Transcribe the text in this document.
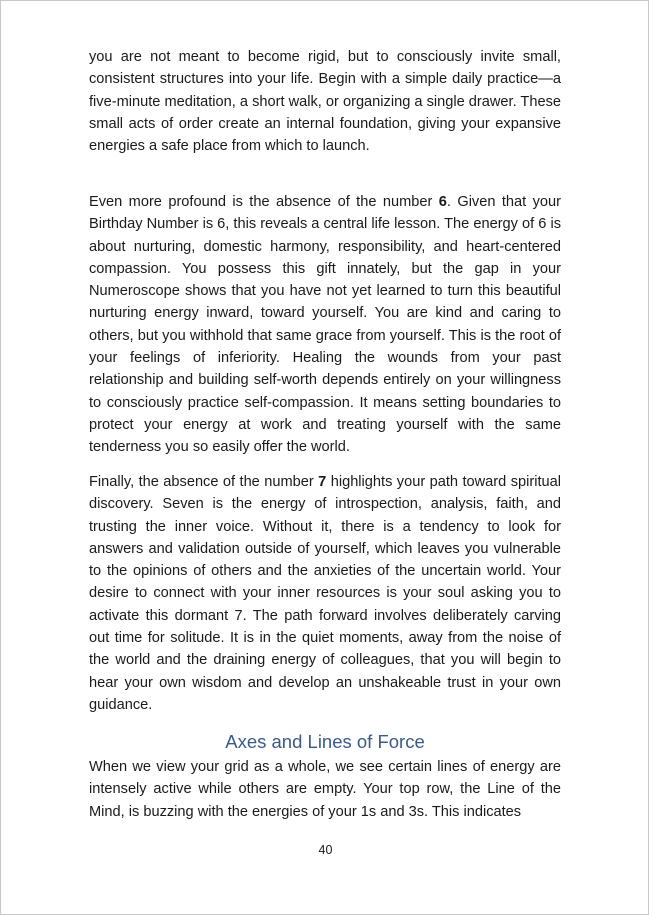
you are not meant to become rigid, but to consciously invite small, consistent structures into your life. Begin with a simple daily practice—a five-minute meditation, a short walk, or organizing a single drawer. These small acts of order create an internal foundation, giving your expansive energies a safe place from which to launch.

Even more profound is the absence of the number 6. Given that your Birthday Number is 6, this reveals a central life lesson. The energy of 6 is about nurturing, domestic harmony, responsibility, and heart-centered compassion. You possess this gift innately, but the gap in your Numeroscope shows that you have not yet learned to turn this beautiful nurturing energy inward, toward yourself. You are kind and caring to others, but you withhold that same grace from yourself. This is the root of your feelings of inferiority. Healing the wounds from your past relationship and building self-worth depends entirely on your willingness to consciously practice self-compassion. It means setting boundaries to protect your energy at work and treating yourself with the same tenderness you so easily offer the world.

Finally, the absence of the number 7 highlights your path toward spiritual discovery. Seven is the energy of introspection, analysis, faith, and trusting the inner voice. Without it, there is a tendency to look for answers and validation outside of yourself, which leaves you vulnerable to the opinions of others and the anxieties of the uncertain world. Your desire to connect with your inner resources is your soul asking you to activate this dormant 7. The path forward involves deliberately carving out time for solitude. It is in the quiet moments, away from the noise of the world and the draining energy of colleagues, that you will begin to hear your own wisdom and develop an unshakeable trust in your own guidance.

Axes and Lines of Force

When we view your grid as a whole, we see certain lines of energy are intensely active while others are empty. Your top row, the Line of the Mind, is buzzing with the energies of your 1s and 3s. This indicates

40
